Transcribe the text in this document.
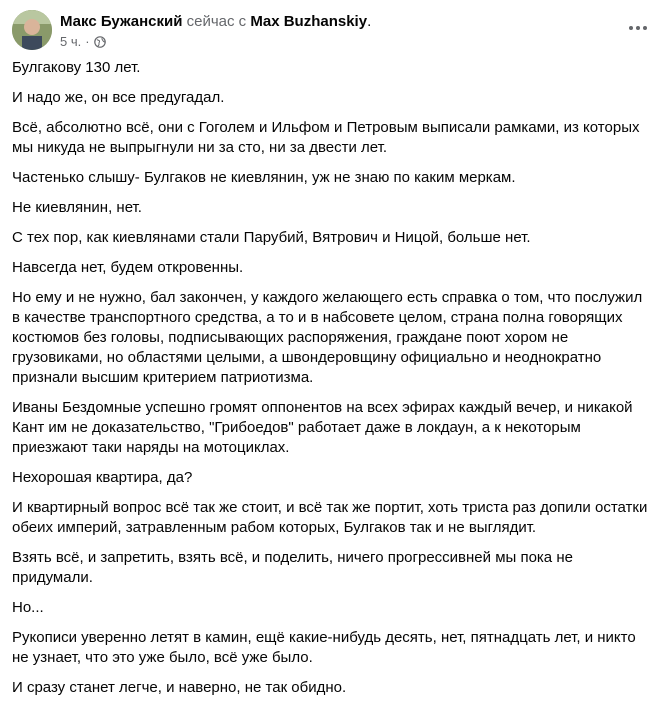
Макс Бужанский сейчас с Max Buzhanskiy.
5 ч. ·

Булгакову 130 лет.

И надо же, он все предугадал.

Всё, абсолютно всё, они с Гоголем и Ильфом и Петровым выписали рамками, из которых мы никуда не выпрыгнули ни за сто, ни за двести лет.

Частенько слышу- Булгаков не киевлянин, уж не знаю по каким меркам.

Не киевлянин, нет.

С тех пор, как киевлянами стали Парубий, Вятрович и Ницой, больше нет.

Навсегда нет, будем откровенны.

Но ему и не нужно, бал закончен, у каждого желающего есть справка о том, что послужил в качестве транспортного средства, а то и в набсовете целом, страна полна говорящих костюмов без головы, подписывающих распоряжения, граждане поют хором не грузовиками, но областями целыми, а швондеровщину официально и неоднократно признали высшим критерием патриотизма.

Иваны Бездомные успешно громят оппонентов на всех эфирах каждый вечер, и никакой Кант им не доказательство, "Грибоедов" работает даже в локдаун, а к некоторым приезжают таки наряды на мотоциклах.

Нехорошая квартира, да?

И квартирный вопрос всё так же стоит, и всё так же портит, хоть триста раз допили остатки обеих империй, затравленным рабом которых, Булгаков так и не выглядит.

Взять всё, и запретить, взять всё, и поделить, ничего прогрессивней мы пока не придумали.

Но...

Рукописи уверенно летят в камин, ещё какие-нибудь десять, нет, пятнадцать лет, и никто не узнает, что это уже было, всё уже было.

И сразу станет легче, и наверно, не так обидно.
